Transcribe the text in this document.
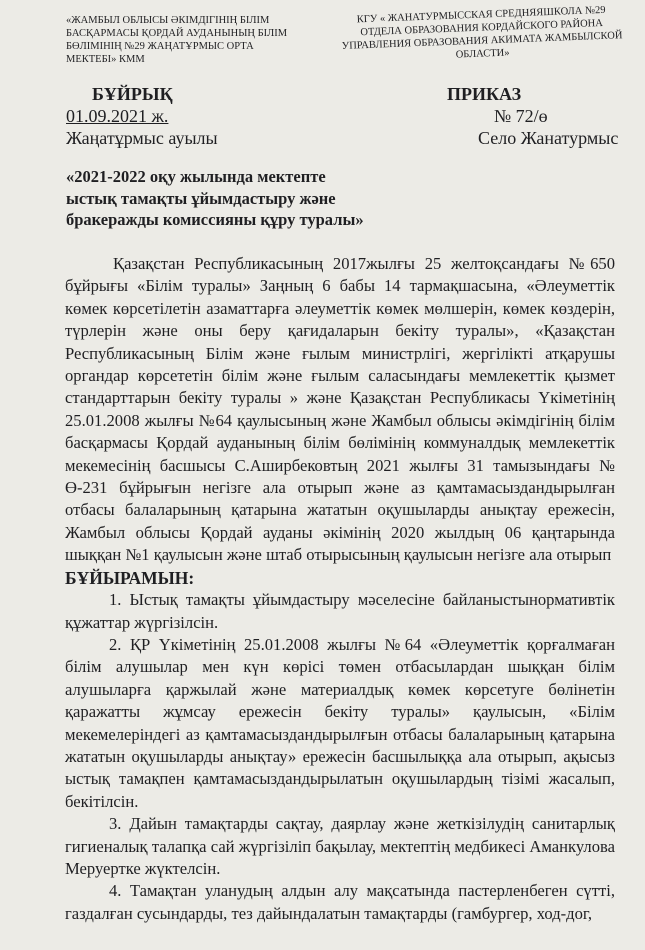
«ЖАМБЫЛ ОБЛЫСЫ ӘКІМДІГІНІҢ БІЛІМ БАСҚАРМАСЫ ҚОРДАЙ АУДАНЫНЫҢ БІЛІМ БӨЛІМІНІҢ №29 ЖАҢАТҰРМЫС ОРТА МЕКТЕБІ» КММ
КГУ « ЖАНАТУРМЫССКАЯ СРЕДНЯЯШКОЛА №29 ОТДЕЛА ОБРАЗОВАНИЯ КОРДАЙСКОГО РАЙОНА УПРАВЛЕНИЯ ОБРАЗОВАНИЯ АКИМАТА ЖАМБЫЛСКОЙ ОБЛАСТИ»
БҰЙРЫҚ	ПРИКАЗ
01.09.2021 ж.	№ 72/ө
Жаңатұрмыс ауылы	Село Жанатурмыс
«2021-2022 оқу жылында мектепте
ыстық тамақты ұйымдастыру және
бракеражды комиссияны құру туралы»

Қазақстан Республикасының 2017жылғы 25 желтоқсандағы №650 бұйрығы «Білім туралы» Заңның 6 бабы 14 тармақшасына, «Әлеуметтік көмек көрсетілетін азаматтарға әлеуметтік көмек мөлшерін, көмек көздерін, түрлерін және оны беру қағидаларын бекіту туралы», «Қазақстан Республикасының Білім және ғылым министрлігі, жергілікті атқарушы органдар көрсететін білім және ғылым саласындағы мемлекеттік қызмет стандарттарын бекіту туралы » және Қазақстан Республикасы Үкіметінің 25.01.2008 жылғы №64 қаулысының және Жамбыл облысы әкімдігінің білім басқармасы Қордай ауданының білім бөлімінің коммуналдық мемлекеттік мекемесінің басшысы С.Аширбековтың 2021 жылғы 31 тамызындағы № Ө-231 бұйрығын негізге ала отырып және аз қамтамасыздандырылған отбасы балаларының қатарына жататын оқушыларды анықтау ережесін, Жамбыл облысы Қордай ауданы әкімінің 2020 жылдың 06 қаңтарында шыққан №1 қаулысын және штаб отырысының қаулысын негізге ала отырып

БҰЙЫРАМЫН:

1. Ыстық тамақты ұйымдастыру мәселесіне байланыстынормативтік құжаттар жүргізілсін.

2. ҚР Үкіметінің 25.01.2008 жылғы №64 «Әлеуметтік қорғалмаған білім алушылар мен күн көрісі төмен отбасылардан шыққан білім алушыларға қаржылай және материалдық көмек көрсетуге бөлінетін қаражатты жұмсау ережесін бекіту туралы» қаулысын, «Білім мекемелеріндегі аз қамтамасыздандырылғын отбасы балаларының қатарына жататын оқушыларды анықтау» ережесін басшылыққа ала отырып, ақысыз ыстық тамақпен қамтамасыздандырылатын оқушылардың тізімі жасалып, бекітілсін.

3. Дайын тамақтарды сақтау, даярлау және жеткізілудің санитарлық гигиеналық талапқа сай жүргізіліп бақылау, мектептің медбикесі Аманкулова Меруертке жүктелсін.

4. Тамақтан уланудың алдын алу мақсатында пастерленбеген сүтті, газдалған сусындарды, тез дайындалатын тамақтарды (гамбургер, ход-дог,
